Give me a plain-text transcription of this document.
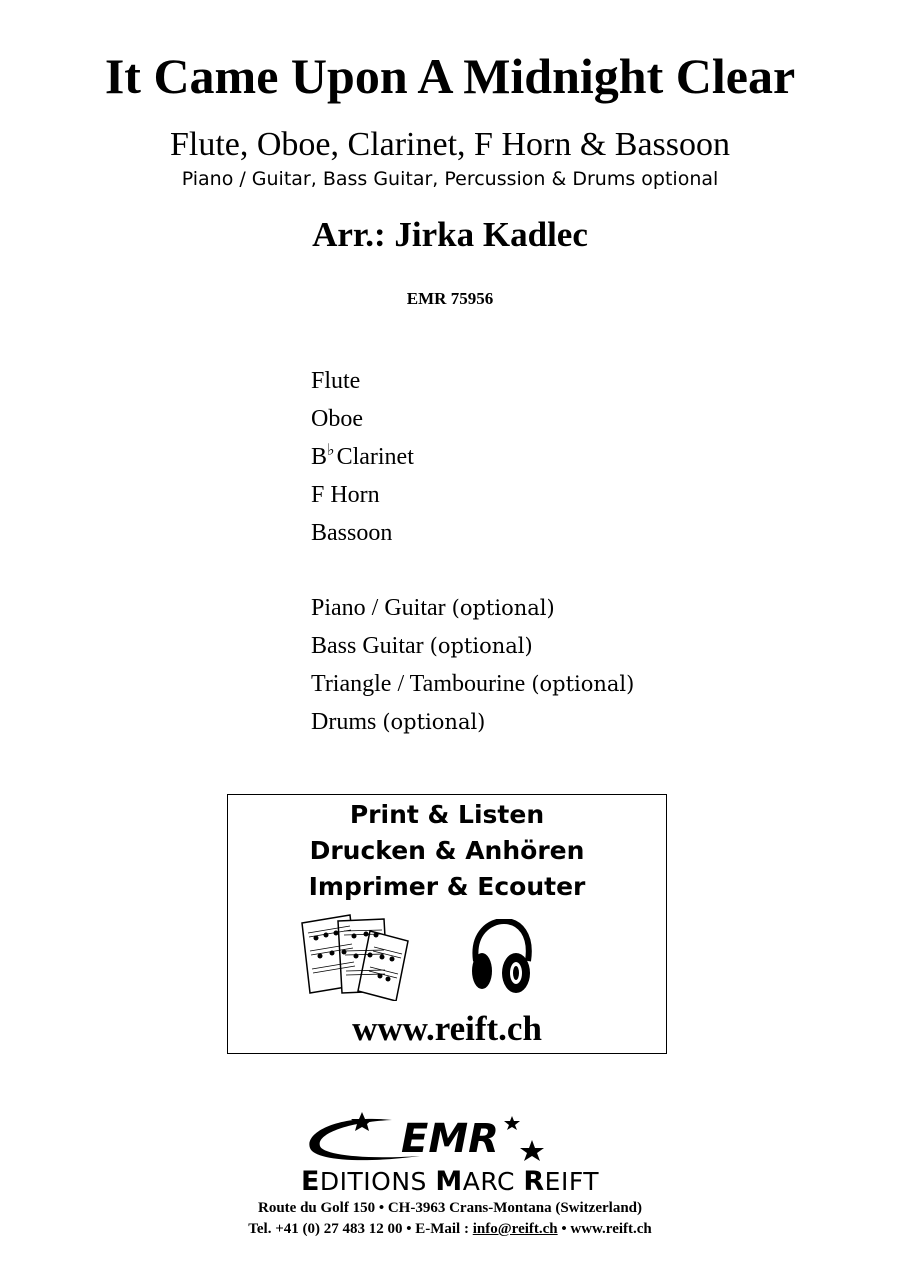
It Came Upon A Midnight Clear
Flute, Oboe, Clarinet, F Horn & Bassoon
Piano / Guitar, Bass Guitar, Percussion & Drums optional
Arr.: Jirka Kadlec
EMR 75956
Flute
Oboe
B♭Clarinet
F Horn
Bassoon
Piano / Guitar (optional)
Bass Guitar (optional)
Triangle / Tambourine (optional)
Drums (optional)
Print & Listen
Drucken & Anhören
Imprimer & Ecouter
www.reift.ch
EMR
EDITIONS MARC REIFT
Route du Golf 150 • CH-3963 Crans-Montana (Switzerland)
Tel. +41 (0) 27 483 12 00 • E-Mail : info@reift.ch • www.reift.ch
